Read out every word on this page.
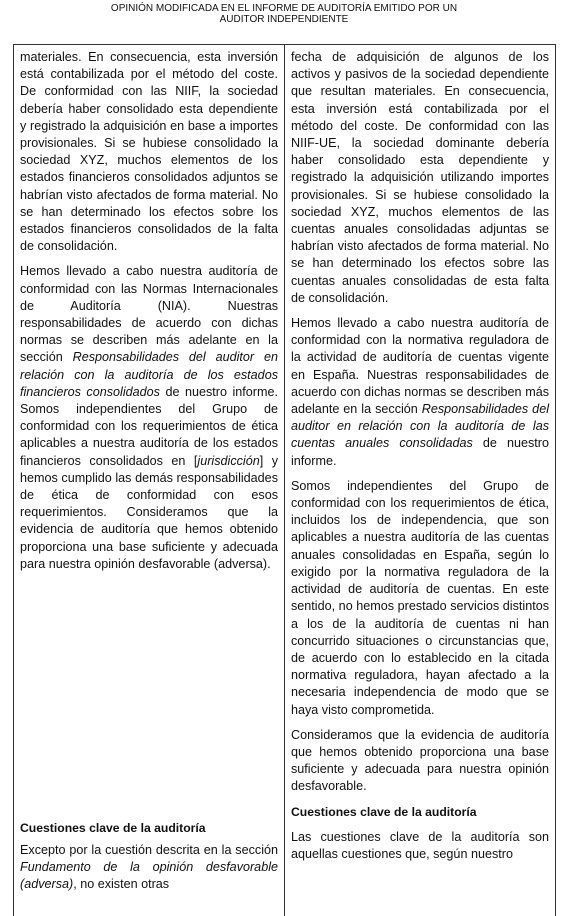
OPINIÓN MODIFICADA EN EL INFORME DE AUDITORÍA EMITIDO POR UN
AUDITOR INDEPENDIENTE

materiales. En consecuencia, esta inversión está contabilizada por el método del coste. De conformidad con las NIIF, la sociedad debería haber consolidado esta dependiente y registrado la adquisición en base a importes provisionales. Si se hubiese consolidado la sociedad XYZ, muchos elementos de los estados financieros consolidados adjuntos se habrían visto afectados de forma material. No se han determinado los efectos sobre los estados financieros consolidados de la falta de consolidación.

Hemos llevado a cabo nuestra auditoría de conformidad con las Normas Internacionales de Auditoría (NIA). Nuestras responsabilidades de acuerdo con dichas normas se describen más adelante en la sección Responsabilidades del auditor en relación con la auditoría de los estados financieros consolidados de nuestro informe. Somos independientes del Grupo de conformidad con los requerimientos de ética aplicables a nuestra auditoría de los estados financieros consolidados en [jurisdicción] y hemos cumplido las demás responsabilidades de ética de conformidad con esos requerimientos. Consideramos que la evidencia de auditoría que hemos obtenido proporciona una base suficiente y adecuada para nuestra opinión desfavorable (adversa).

Cuestiones clave de la auditoría

Excepto por la cuestión descrita en la sección Fundamento de la opinión desfavorable (adversa), no existen otras

fecha de adquisición de algunos de los activos y pasivos de la sociedad dependiente que resultan materiales. En consecuencia, esta inversión está contabilizada por el método del coste. De conformidad con las NIIF-UE, la sociedad dominante debería haber consolidado esta dependiente y registrado la adquisición utilizando importes provisionales. Si se hubiese consolidado la sociedad XYZ, muchos elementos de las cuentas anuales consolidadas adjuntas se habrían visto afectados de forma material. No se han determinado los efectos sobre las cuentas anuales consolidadas de esta falta de consolidación.

Hemos llevado a cabo nuestra auditoría de conformidad con la normativa reguladora de la actividad de auditoría de cuentas vigente en España. Nuestras responsabilidades de acuerdo con dichas normas se describen más adelante en la sección Responsabilidades del auditor en relación con la auditoría de las cuentas anuales consolidadas de nuestro informe.

Somos independientes del Grupo de conformidad con los requerimientos de ética, incluidos los de independencia, que son aplicables a nuestra auditoría de las cuentas anuales consolidadas en España, según lo exigido por la normativa reguladora de la actividad de auditoría de cuentas. En este sentido, no hemos prestado servicios distintos a los de la auditoría de cuentas ni han concurrido situaciones o circunstancias que, de acuerdo con lo establecido en la citada normativa reguladora, hayan afectado a la necesaria independencia de modo que se haya visto comprometida.

Consideramos que la evidencia de auditoría que hemos obtenido proporciona una base suficiente y adecuada para nuestra opinión desfavorable.

Cuestiones clave de la auditoría

Las cuestiones clave de la auditoría son aquellas cuestiones que, según nuestro
